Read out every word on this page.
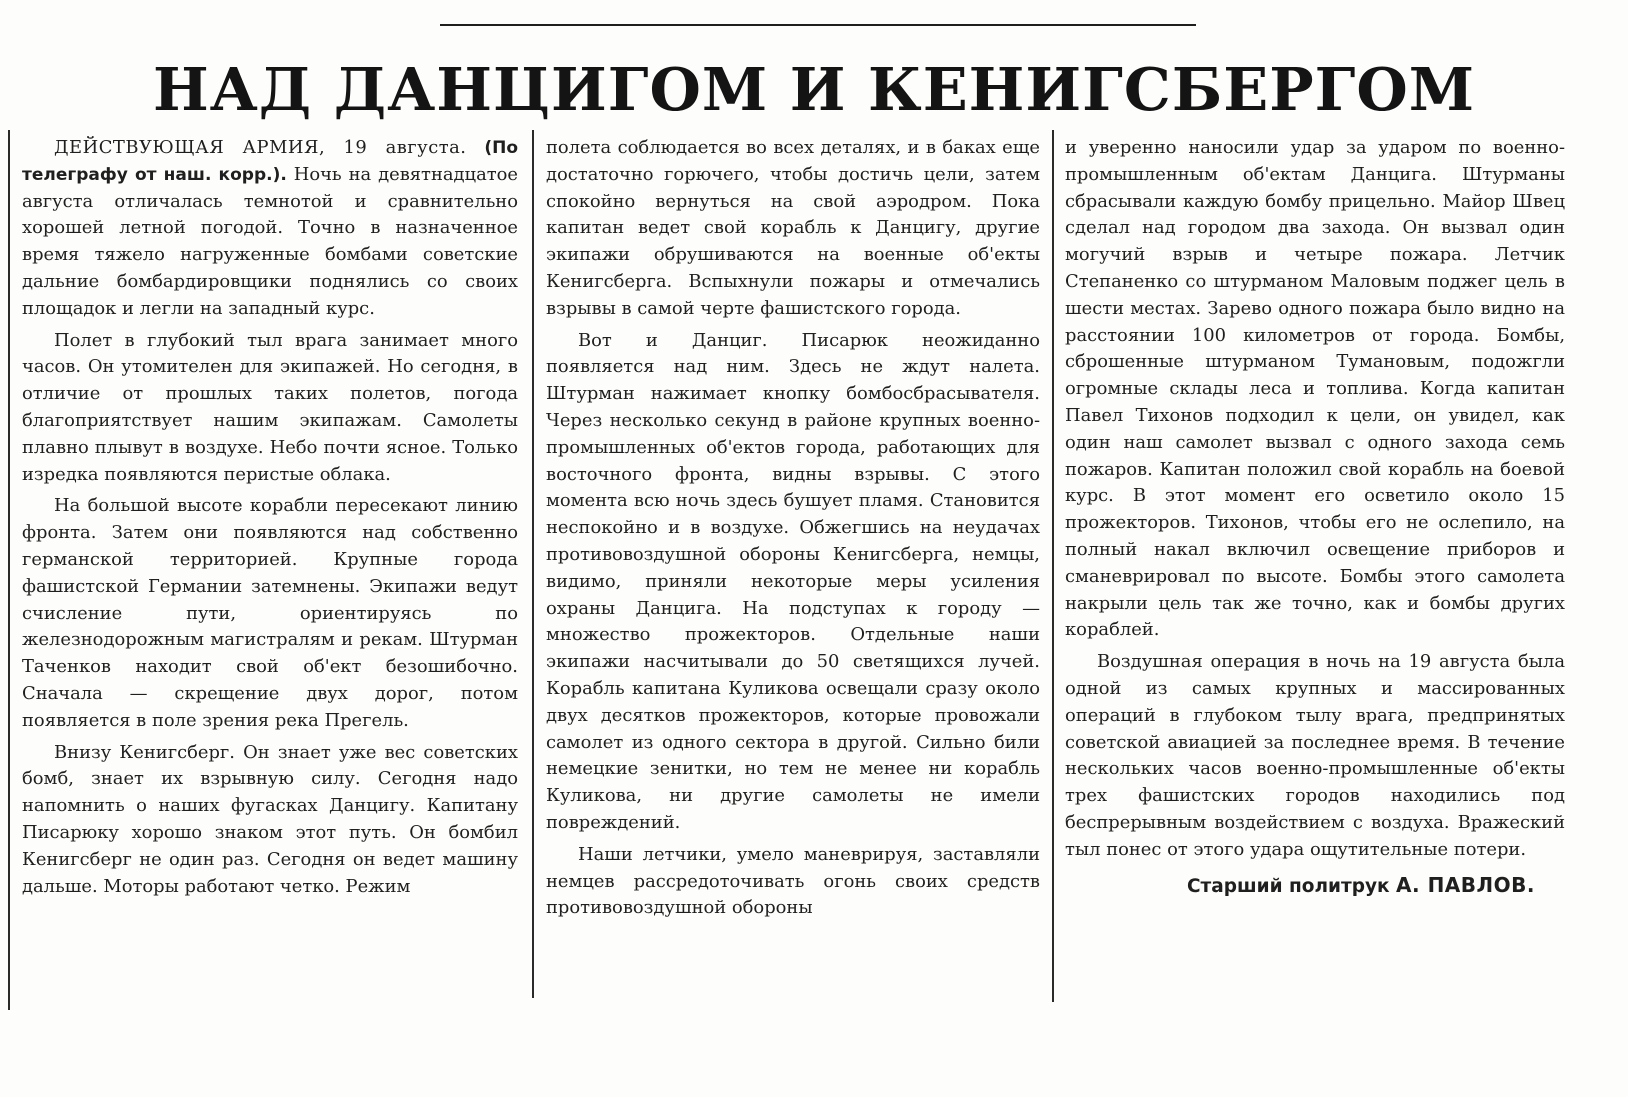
НАД ДАНЦИГОМ И КЕНИГСБЕРГОМ

ДЕЙСТВУЮЩАЯ АРМИЯ, 19 августа. (По телеграфу от наш. корр.). Ночь на девятнадцатое августа отличалась темнотой и сравнительно хорошей летной погодой. Точно в назначенное время тяжело нагруженные бомбами советские дальние бомбардировщики поднялись со своих площадок и легли на западный курс.

Полет в глубокий тыл врага занимает много часов. Он утомителен для экипажей. Но сегодня, в отличие от прошлых таких полетов, погода благоприятствует нашим экипажам. Самолеты плавно плывут в воздухе. Небо почти ясное. Только изредка появляются перистые облака.

На большой высоте корабли пересекают линию фронта. Затем они появляются над собственно германской территорией. Крупные города фашистской Германии затемнены. Экипажи ведут счисление пути, ориентируясь по железнодорожным магистралям и рекам. Штурман Таченков находит свой об'ект безошибочно. Сначала — скрещение двух дорог, потом появляется в поле зрения река Прегель.

Внизу Кенигсберг. Он знает уже вес советских бомб, знает их взрывную силу. Сегодня надо напомнить о наших фугасках Данцигу. Капитану Писарюку хорошо знаком этот путь. Он бомбил Кенигсберг не один раз. Сегодня он ведет машину дальше. Моторы работают четко. Режим

полета соблюдается во всех деталях, и в баках еще достаточно горючего, чтобы достичь цели, затем спокойно вернуться на свой аэродром. Пока капитан ведет свой корабль к Данцигу, другие экипажи обрушиваются на военные об'екты Кенигсберга. Вспыхнули пожары и отмечались взрывы в самой черте фашистского города.

Вот и Данциг. Писарюк неожиданно появляется над ним. Здесь не ждут налета. Штурман нажимает кнопку бомбосбрасывателя. Через несколько секунд в районе крупных военно-промышленных об'ектов города, работающих для восточного фронта, видны взрывы. С этого момента всю ночь здесь бушует пламя. Становится неспокойно и в воздухе. Обжегшись на неудачах противовоздушной обороны Кенигсберга, немцы, видимо, приняли некоторые меры усиления охраны Данцига. На подступах к городу — множество прожекторов. Отдельные наши экипажи насчитывали до 50 светящихся лучей. Корабль капитана Куликова освещали сразу около двух десятков прожекторов, которые провожали самолет из одного сектора в другой. Сильно били немецкие зенитки, но тем не менее ни корабль Куликова, ни другие самолеты не имели повреждений.

Наши летчики, умело маневрируя, заставляли немцев рассредоточивать огонь своих средств противовоздушной обороны

и уверенно наносили удар за ударом по военно-промышленным об'ектам Данцига. Штурманы сбрасывали каждую бомбу прицельно. Майор Швец сделал над городом два захода. Он вызвал один могучий взрыв и четыре пожара. Летчик Степаненко со штурманом Маловым поджег цель в шести местах. Зарево одного пожара было видно на расстоянии 100 километров от города. Бомбы, сброшенные штурманом Тумановым, подожгли огромные склады леса и топлива. Когда капитан Павел Тихонов подходил к цели, он увидел, как один наш самолет вызвал с одного захода семь пожаров. Капитан положил свой корабль на боевой курс. В этот момент его осветило около 15 прожекторов. Тихонов, чтобы его не ослепило, на полный накал включил освещение приборов и сманеврировал по высоте. Бомбы этого самолета накрыли цель так же точно, как и бомбы других кораблей.

Воздушная операция в ночь на 19 августа была одной из самых крупных и массированных операций в глубоком тылу врага, предпринятых советской авиацией за последнее время. В течение нескольких часов военно-промышленные об'екты трех фашистских городов находились под беспрерывным воздействием с воздуха. Вражеский тыл понес от этого удара ощутительные потери.

Старший политрук А. ПАВЛОВ.
